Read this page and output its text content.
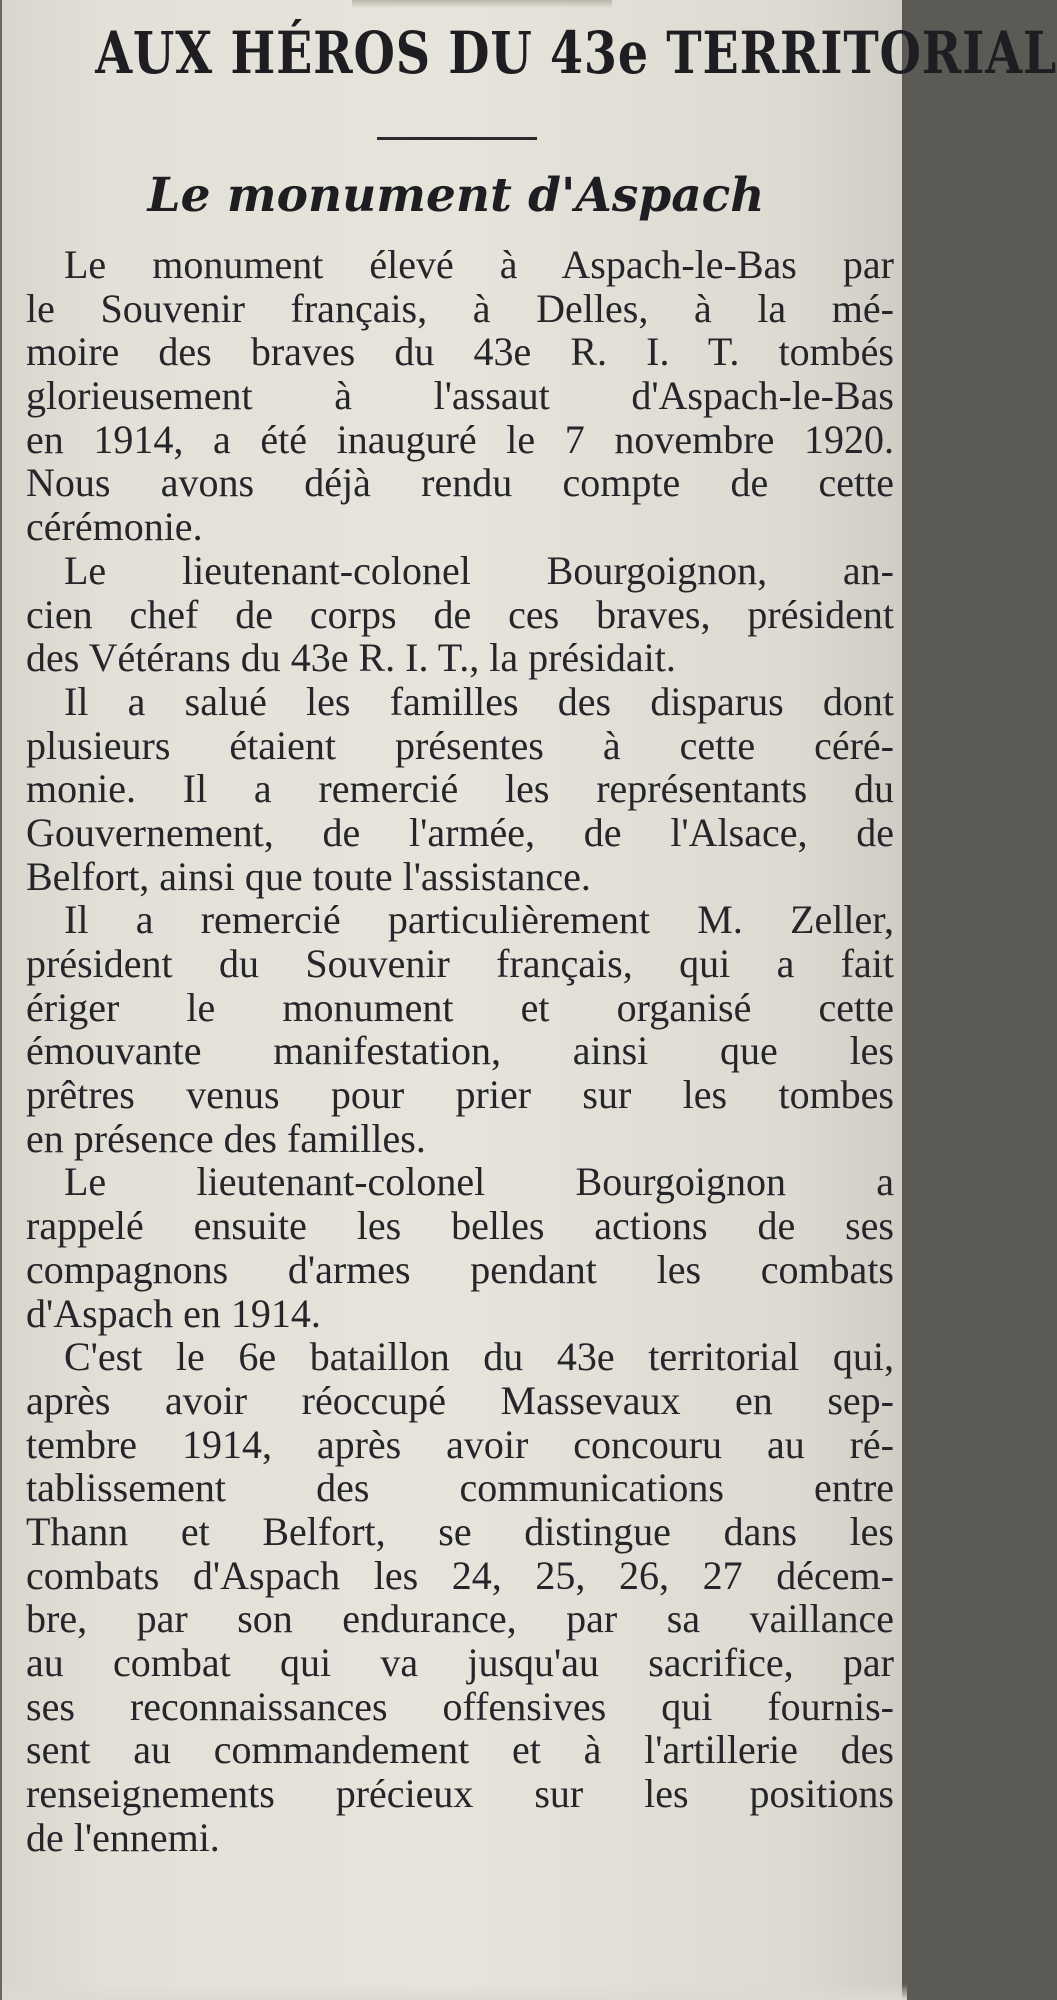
AUX HÉROS DU 43e TERRITORIAL
Le monument d'Aspach
Le monument élevé à Aspach-le-Bas par
le Souvenir français, à Delles, à la mé-
moire des braves du 43e R. I. T. tombés
glorieusement à l'assaut d'Aspach-le-Bas
en 1914, a été inauguré le 7 novembre 1920.
Nous avons déjà rendu compte de cette
cérémonie.
Le lieutenant-colonel Bourgoignon, an-
cien chef de corps de ces braves, président
des Vétérans du 43e R. I. T., la présidait.
Il a salué les familles des disparus dont
plusieurs étaient présentes à cette céré-
monie. Il a remercié les représentants du
Gouvernement, de l'armée, de l'Alsace, de
Belfort, ainsi que toute l'assistance.
Il a remercié particulièrement M. Zeller,
président du Souvenir français, qui a fait
ériger le monument et organisé cette
émouvante manifestation, ainsi que les
prêtres venus pour prier sur les tombes
en présence des familles.
Le lieutenant-colonel Bourgoignon a
rappelé ensuite les belles actions de ses
compagnons d'armes pendant les combats
d'Aspach en 1914.
C'est le 6e bataillon du 43e territorial qui,
après avoir réoccupé Massevaux en sep-
tembre 1914, après avoir concouru au ré-
tablissement des communications entre
Thann et Belfort, se distingue dans les
combats d'Aspach les 24, 25, 26, 27 décem-
bre, par son endurance, par sa vaillance
au combat qui va jusqu'au sacrifice, par
ses reconnaissances offensives qui fournis-
sent au commandement et à l'artillerie des
renseignements précieux sur les positions
de l'ennemi.
